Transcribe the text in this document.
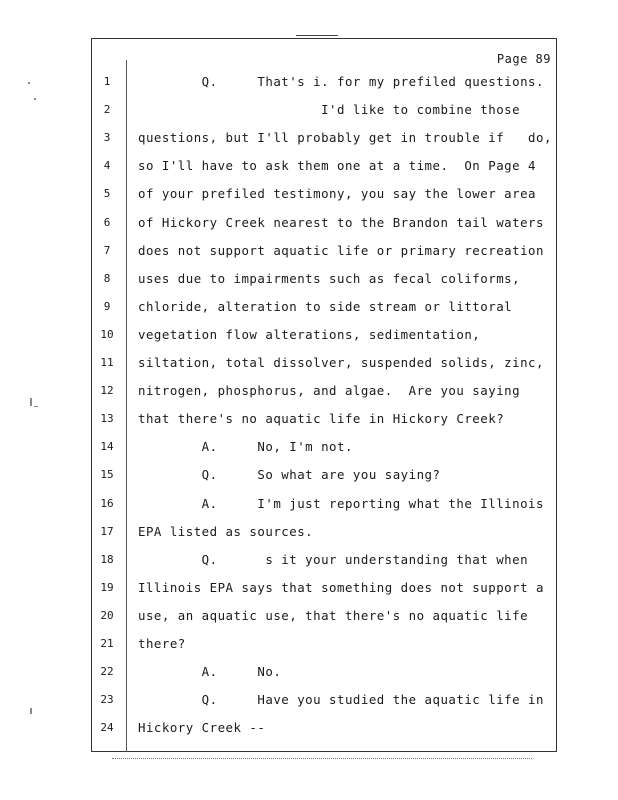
Page 89
1	Q.     That's i. for my prefiled questions.
2	I'd like to combine those
3	questions, but I'll probably get in trouble if   do,
4	so I'll have to ask them one at a time.  On Page 4
5	of your prefiled testimony, you say the lower area
6	of Hickory Creek nearest to the Brandon tail waters
7	does not support aquatic life or primary recreation
8	uses due to impairments such as fecal coliforms,
9	chloride, alteration to side stream or littoral
10	vegetation flow alterations, sedimentation,
11	siltation, total dissolver, suspended solids, zinc,
12	nitrogen, phosphorus, and algae.  Are you saying
13	that there's no aquatic life in Hickory Creek?
14	A.     No, I'm not.
15	Q.     So what are you saying?
16	A.     I'm just reporting what the Illinois
17	EPA listed as sources.
18	Q.      s it your understanding that when
19	Illinois EPA says that something does not support a
20	use, an aquatic use, that there's no aquatic life
21	there?
22	A.     No.
23	Q.     Have you studied the aquatic life in
24	Hickory Creek --
